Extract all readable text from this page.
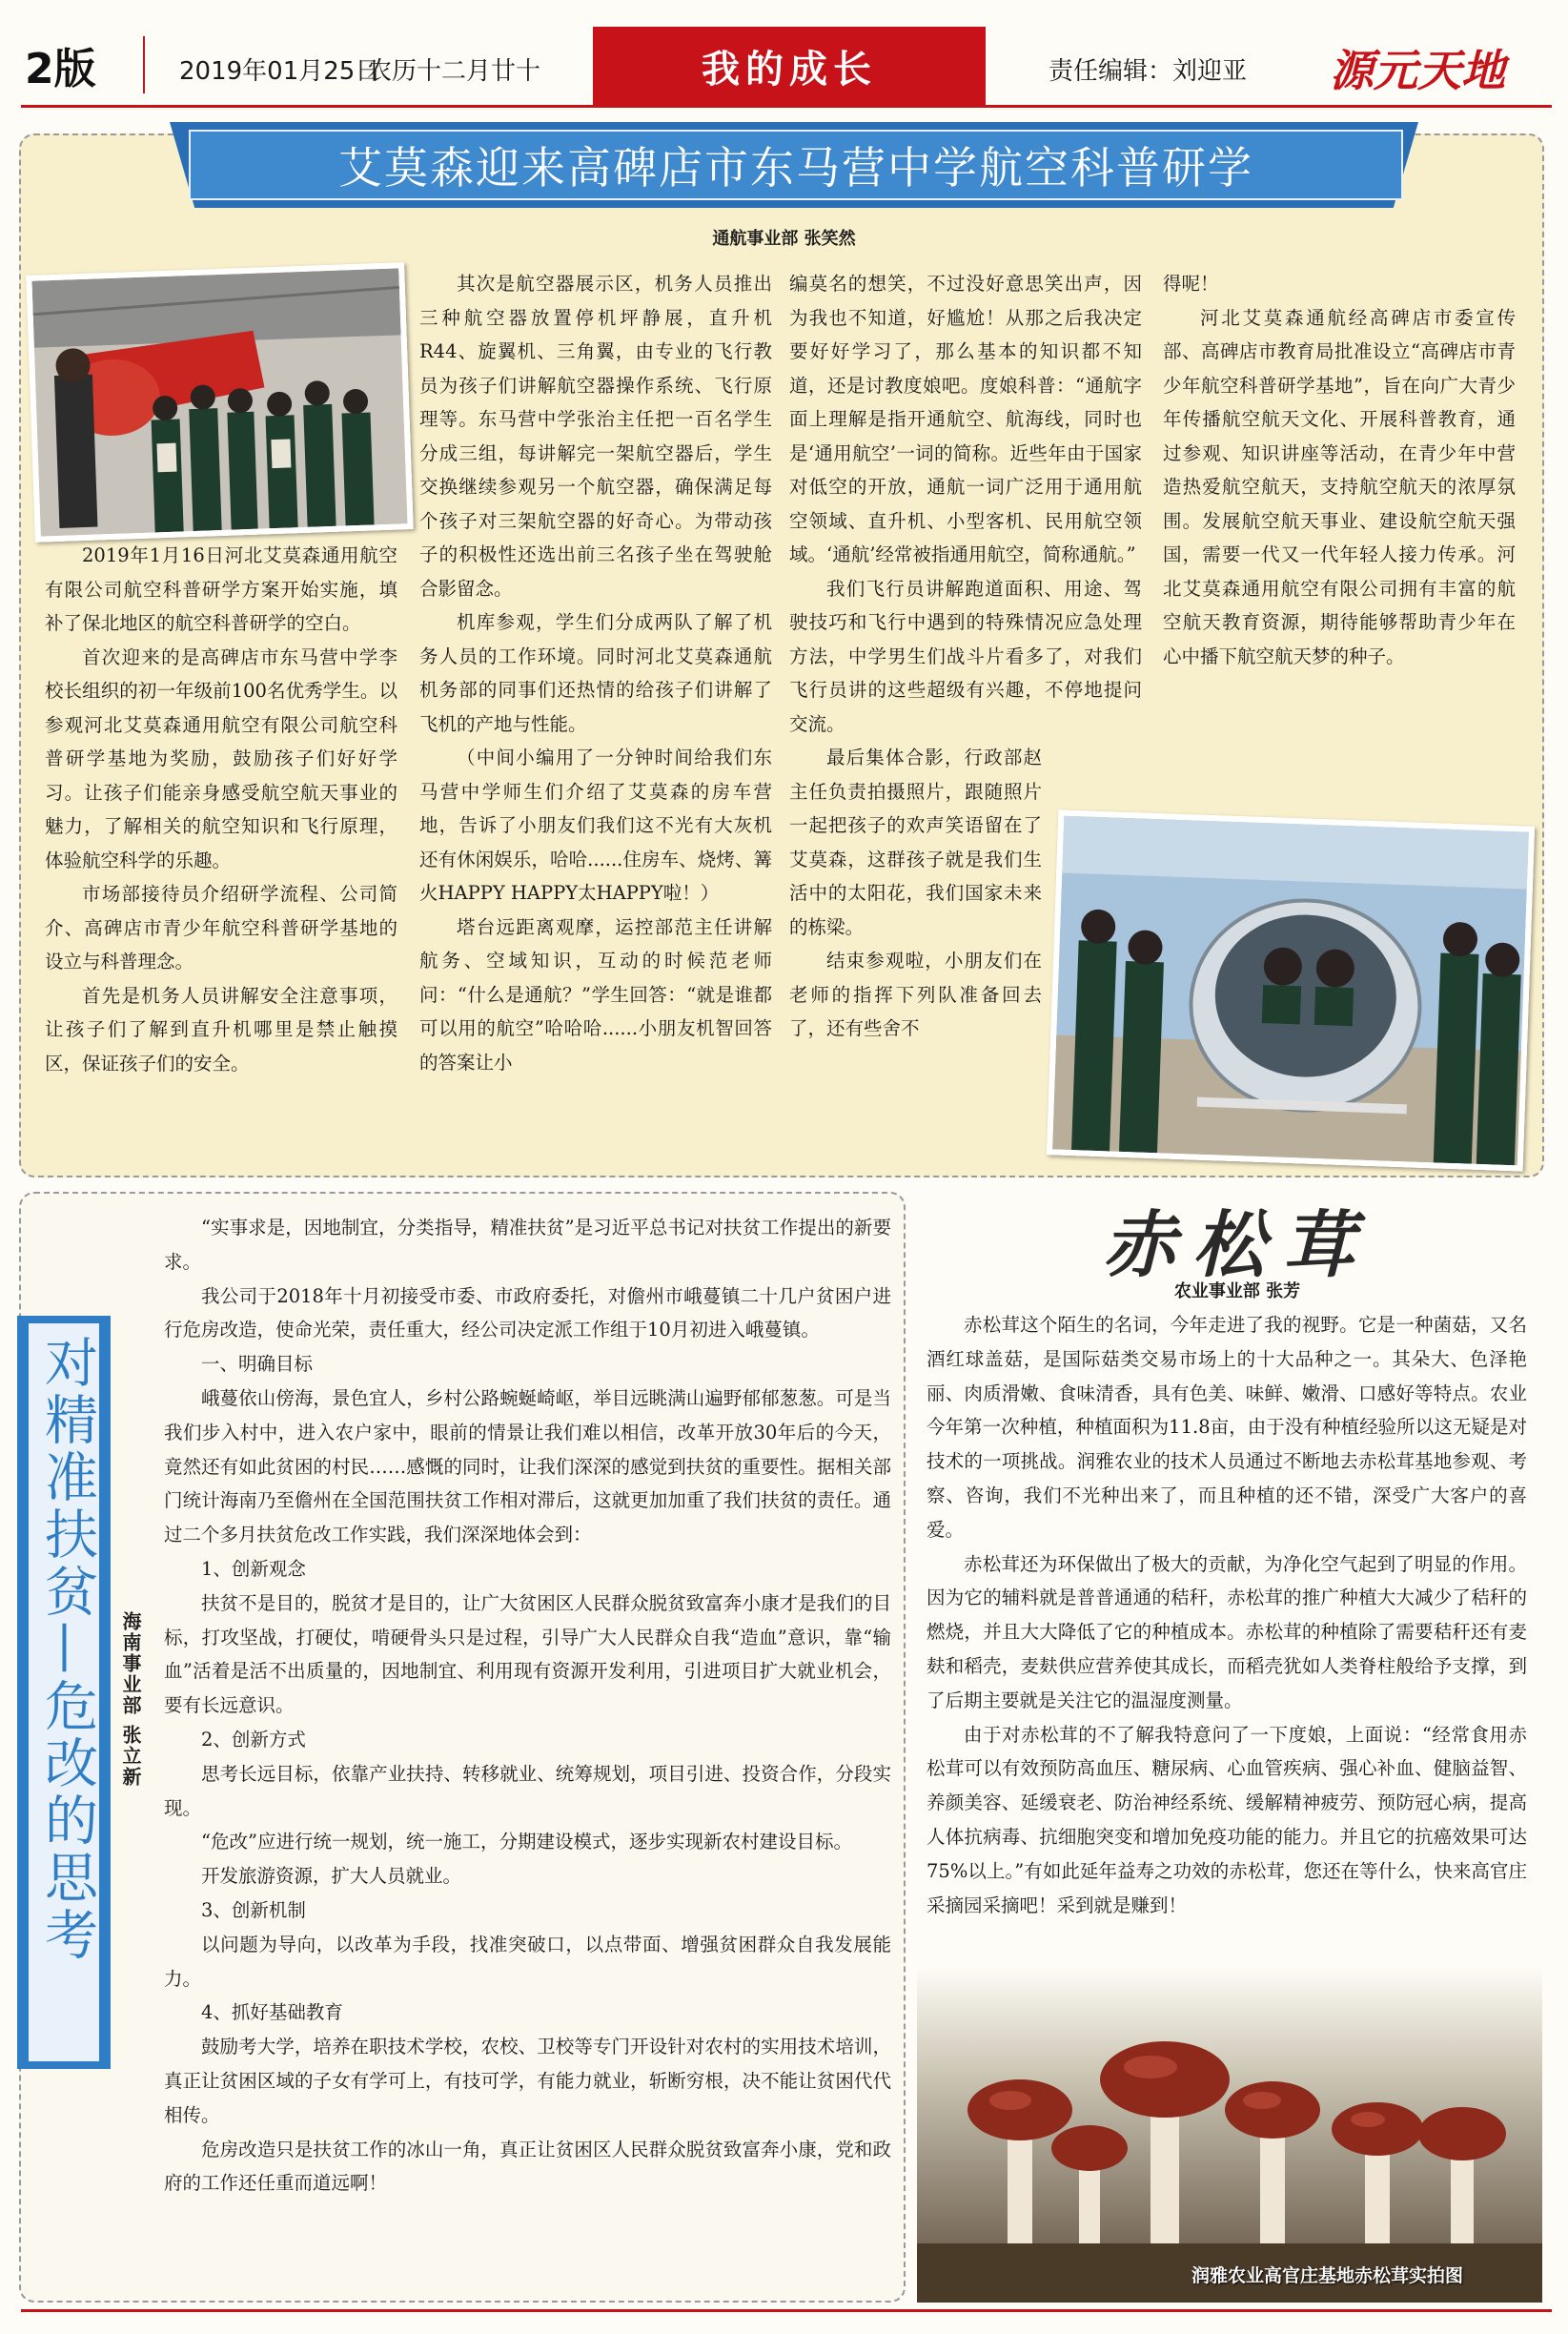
2版	2019年01月25日
农历十二月廿十	我的成长	责任编辑：刘迎亚 源元天地
艾莫森迎来高碑店市东马营中学航空科普研学
通航事业部 张笑然

2019年1月16日河北艾莫森通用航空有限公司航空科普研学方案开始实施，填补了保北地区的航空科普研学的空白。

首次迎来的是高碑店市东马营中学李校长组织的初一年级前100名优秀学生。以参观河北艾莫森通用航空有限公司航空科普研学基地为奖励，鼓励孩子们好好学习。让孩子们能亲身感受航空航天事业的魅力，了解相关的航空知识和飞行原理，体验航空科学的乐趣。

市场部接待员介绍研学流程、公司简介、高碑店市青少年航空科普研学基地的设立与科普理念。

首先是机务人员讲解安全注意事项，让孩子们了解到直升机哪里是禁止触摸区，保证孩子们的安全。

其次是航空器展示区，机务人员推出三种航空器放置停机坪静展，直升机R44、旋翼机、三角翼，由专业的飞行教员为孩子们讲解航空器操作系统、飞行原理等。东马营中学张治主任把一百名学生分成三组，每讲解完一架航空器后，学生交换继续参观另一个航空器，确保满足每个孩子对三架航空器的好奇心。为带动孩子的积极性还选出前三名孩子坐在驾驶舱合影留念。

机库参观，学生们分成两队了解了机务人员的工作环境。同时河北艾莫森通航机务部的同事们还热情的给孩子们讲解了飞机的产地与性能。

（中间小编用了一分钟时间给我们东马营中学师生们介绍了艾莫森的房车营地，告诉了小朋友们我们这不光有大灰机还有休闲娱乐，哈哈......住房车、烧烤、篝火HAPPY HAPPY太HAPPY啦！）

塔台远距离观摩，运控部范主任讲解航务、空域知识，互动的时候范老师问：“什么是通航？”学生回答：“就是谁都可以用的航空”哈哈哈......小朋友机智回答的答案让小

编莫名的想笑，不过没好意思笑出声，因为我也不知道，好尴尬！从那之后我决定要好好学习了，那么基本的知识都不知道，还是讨教度娘吧。度娘科普：“通航字面上理解是指开通航空、航海线，同时也是‘通用航空’一词的简称。近些年由于国家对低空的开放，通航一词广泛用于通用航空领域、直升机、小型客机、民用航空领域。‘通航’经常被指通用航空，简称通航。”

我们飞行员讲解跑道面积、用途、驾驶技巧和飞行中遇到的特殊情况应急处理方法，中学男生们战斗片看多了，对我们飞行员讲的这些超级有兴趣，不停地提问交流。

最后集体合影，行政部赵主任负责拍摄照片，跟随照片一起把孩子的欢声笑语留在了艾莫森，这群孩子就是我们生活中的太阳花，我们国家未来的栋梁。

结束参观啦，小朋友们在老师的指挥下列队准备回去了，还有些舍不

得呢！

河北艾莫森通航经高碑店市委宣传部、高碑店市教育局批准设立“高碑店市青少年航空科普研学基地”，旨在向广大青少年传播航空航天文化、开展科普教育，通过参观、知识讲座等活动，在青少年中营造热爱航空航天，支持航空航天的浓厚氛围。发展航空航天事业、建设航空航天强国，需要一代又一代年轻人接力传承。河北艾莫森通用航空有限公司拥有丰富的航空航天教育资源，期待能够帮助青少年在心中播下航空航天梦的种子。

对精准扶贫—危改的思考 海南事业部 张立新

“实事求是，因地制宜，分类指导，精准扶贫”是习近平总书记对扶贫工作提出的新要求。

我公司于2018年十月初接受市委、市政府委托，对儋州市峨蔓镇二十几户贫困户进行危房改造，使命光荣，责任重大，经公司决定派工作组于10月初进入峨蔓镇。

一、明确目标

峨蔓依山傍海，景色宜人，乡村公路蜿蜒崎岖，举目远眺满山遍野郁郁葱葱。可是当我们步入村中，进入农户家中，眼前的情景让我们难以相信，改革开放30年后的今天，竟然还有如此贫困的村民……感慨的同时，让我们深深的感觉到扶贫的重要性。据相关部门统计海南乃至儋州在全国范围扶贫工作相对滞后，这就更加加重了我们扶贫的责任。通过二个多月扶贫危改工作实践，我们深深地体会到：

1、创新观念

扶贫不是目的，脱贫才是目的，让广大贫困区人民群众脱贫致富奔小康才是我们的目标，打攻坚战，打硬仗，啃硬骨头只是过程，引导广大人民群众自我“造血”意识，靠“输血”活着是活不出质量的，因地制宜、利用现有资源开发利用，引进项目扩大就业机会，要有长远意识。

2、创新方式

思考长远目标，依靠产业扶持、转移就业、统筹规划，项目引进、投资合作，分段实现。

“危改”应进行统一规划，统一施工，分期建设模式，逐步实现新农村建设目标。

开发旅游资源，扩大人员就业。

3、创新机制

以问题为导向，以改革为手段，找准突破口，以点带面、增强贫困群众自我发展能力。

4、抓好基础教育

鼓励考大学，培养在职技术学校，农校、卫校等专门开设针对农村的实用技术培训，真正让贫困区域的子女有学可上，有技可学，有能力就业，斩断穷根，决不能让贫困代代相传。

危房改造只是扶贫工作的冰山一角，真正让贫困区人民群众脱贫致富奔小康，党和政府的工作还任重而道远啊！

赤松茸
农业事业部 张芳

赤松茸这个陌生的名词，今年走进了我的视野。它是一种菌菇，又名酒红球盖菇，是国际菇类交易市场上的十大品种之一。其朵大、色泽艳丽、肉质滑嫩、食味清香，具有色美、味鲜、嫩滑、口感好等特点。农业今年第一次种植，种植面积为11.8亩，由于没有种植经验所以这无疑是对技术的一项挑战。润雅农业的技术人员通过不断地去赤松茸基地参观、考察、咨询，我们不光种出来了，而且种植的还不错，深受广大客户的喜爱。

赤松茸还为环保做出了极大的贡献，为净化空气起到了明显的作用。因为它的辅料就是普普通通的秸秆，赤松茸的推广种植大大减少了秸秆的燃烧，并且大大降低了它的种植成本。赤松茸的种植除了需要秸秆还有麦麸和稻壳，麦麸供应营养使其成长，而稻壳犹如人类脊柱般给予支撑，到了后期主要就是关注它的温湿度测量。

由于对赤松茸的不了解我特意问了一下度娘，上面说：“经常食用赤松茸可以有效预防高血压、糖尿病、心血管疾病、强心补血、健脑益智、养颜美容、延缓衰老、防治神经系统、缓解精神疲劳、预防冠心病，提高人体抗病毒、抗细胞突变和增加免疫功能的能力。并且它的抗癌效果可达75%以上。”有如此延年益寿之功效的赤松茸，您还在等什么，快来高官庄采摘园采摘吧！采到就是赚到！

润雅农业高官庄基地赤松茸实拍图
